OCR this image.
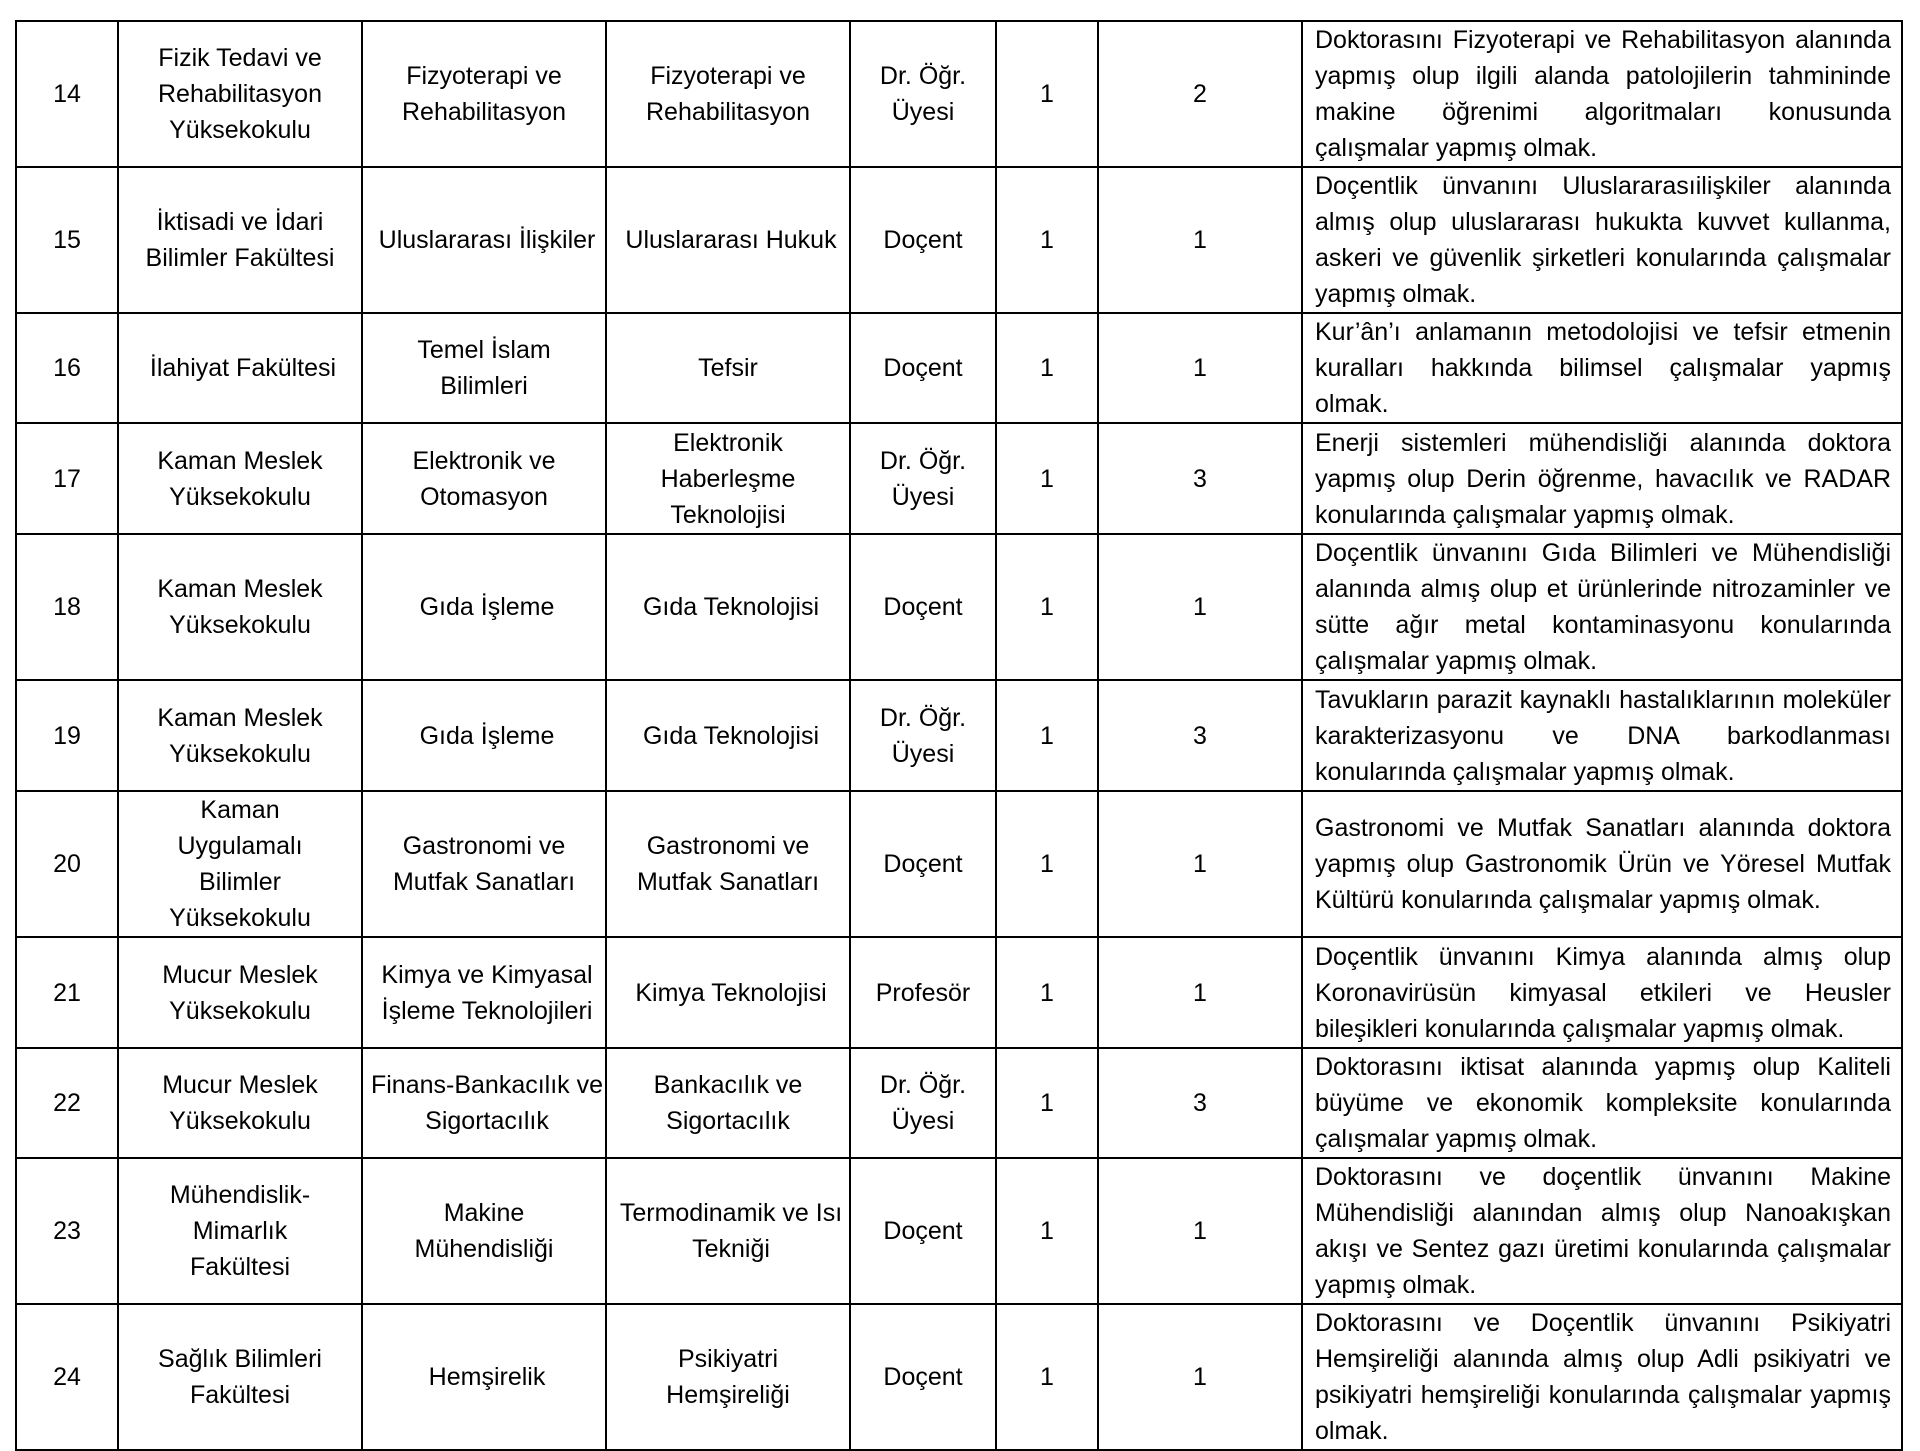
14	Fizik Tedavi ve Rehabilitasyon Yüksekokulu	Fizyoterapi ve Rehabilitasyon	Fizyoterapi ve Rehabilitasyon	Dr. Öğr. Üyesi	1	2	Doktorasını Fizyoterapi ve Rehabilitasyon alanında yapmış olup ilgili alanda patolojilerin tahmininde makine öğrenimi algoritmaları konusunda çalışmalar yapmış olmak.
15	İktisadi ve İdari Bilimler Fakültesi	Uluslararası İlişkiler	Uluslararası Hukuk	Doçent	1	1	Doçentlik ünvanını Uluslararasıilişkiler alanında almış olup uluslararası hukukta kuvvet kullanma, askeri ve güvenlik şirketleri konularında çalışmalar yapmış olmak.
16	İlahiyat Fakültesi	Temel İslam Bilimleri	Tefsir	Doçent	1	1	Kur’ân’ı anlamanın metodolojisi ve tefsir etmenin kuralları hakkında bilimsel çalışmalar yapmış olmak.
17	Kaman Meslek Yüksekokulu	Elektronik ve Otomasyon	Elektronik Haberleşme Teknolojisi	Dr. Öğr. Üyesi	1	3	Enerji sistemleri mühendisliği alanında doktora yapmış olup Derin öğrenme, havacılık ve RADAR konularında çalışmalar yapmış olmak.
18	Kaman Meslek Yüksekokulu	Gıda İşleme	Gıda Teknolojisi	Doçent	1	1	Doçentlik ünvanını Gıda Bilimleri ve Mühendisliği alanında almış olup et ürünlerinde nitrozaminler ve sütte ağır metal kontaminasyonu konularında çalışmalar yapmış olmak.
19	Kaman Meslek Yüksekokulu	Gıda İşleme	Gıda Teknolojisi	Dr. Öğr. Üyesi	1	3	Tavukların parazit kaynaklı hastalıklarının moleküler karakterizasyonu ve DNA barkodlanması konularında çalışmalar yapmış olmak.
20	Kaman Uygulamalı Bilimler Yüksekokulu	Gastronomi ve Mutfak Sanatları	Gastronomi ve Mutfak Sanatları	Doçent	1	1	Gastronomi ve Mutfak Sanatları alanında doktora yapmış olup Gastronomik Ürün ve Yöresel Mutfak Kültürü konularında çalışmalar yapmış olmak.
21	Mucur Meslek Yüksekokulu	Kimya ve Kimyasal İşleme Teknolojileri	Kimya Teknolojisi	Profesör	1	1	Doçentlik ünvanını Kimya alanında almış olup Koronavirüsün kimyasal etkileri ve Heusler bileşikleri konularında çalışmalar yapmış olmak.
22	Mucur Meslek Yüksekokulu	Finans-Bankacılık ve Sigortacılık	Bankacılık ve Sigortacılık	Dr. Öğr. Üyesi	1	3	Doktorasını iktisat alanında yapmış olup Kaliteli büyüme ve ekonomik kompleksite konularında çalışmalar yapmış olmak.
23	Mühendislik-Mimarlık Fakültesi	Makine Mühendisliği	Termodinamik ve Isı Tekniği	Doçent	1	1	Doktorasını ve doçentlik ünvanını Makine Mühendisliği alanından almış olup Nanoakışkan akışı ve Sentez gazı üretimi konularında çalışmalar yapmış olmak.
24	Sağlık Bilimleri Fakültesi	Hemşirelik	Psikiyatri Hemşireliği	Doçent	1	1	Doktorasını ve Doçentlik ünvanını Psikiyatri Hemşireliği alanında almış olup Adli psikiyatri ve psikiyatri hemşireliği konularında çalışmalar yapmış olmak.
